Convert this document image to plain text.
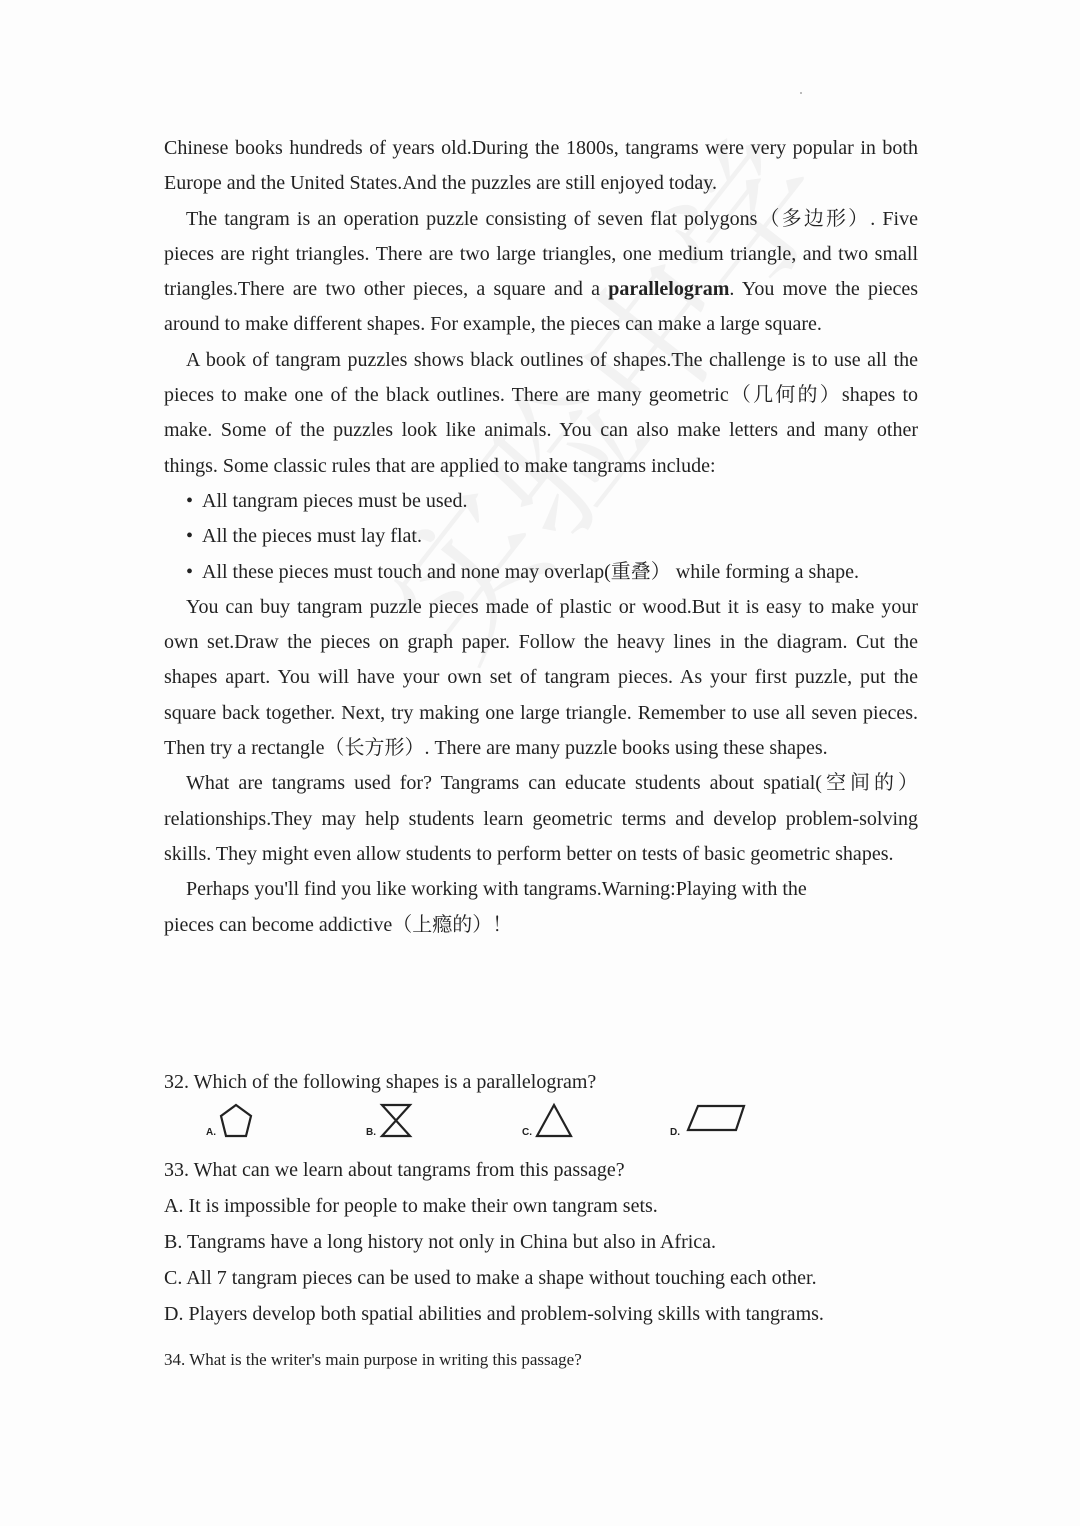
Chinese books hundreds of years old.During the 1800s, tangrams were very popular in both Europe and the United States.And the puzzles are still enjoyed today.

The tangram is an operation puzzle consisting of seven flat polygons（多边形）. Five pieces are right triangles. There are two large triangles, one medium triangle, and two small triangles.There are two other pieces, a square and a parallelogram. You move the pieces around to make different shapes. For example, the pieces can make a large square.

A book of tangram puzzles shows black outlines of shapes.The challenge is to use all the pieces to make one of the black outlines. There are many geometric（几何的）shapes to make. Some of the puzzles look like animals. You can also make letters and many other things. Some classic rules that are applied to make tangrams include:

• All tangram pieces must be used.

• All the pieces must lay flat.

• All these pieces must touch and none may overlap(重叠） while forming a shape.

You can buy tangram puzzle pieces made of plastic or wood.But it is easy to make your own set.Draw the pieces on graph paper. Follow the heavy lines in the diagram. Cut the shapes apart. You will have your own set of tangram pieces. As your first puzzle, put the square back together. Next, try making one large triangle. Remember to use all seven pieces. Then try a rectangle（长方形）. There are many puzzle books using these shapes.

What are tangrams used for? Tangrams can educate students about spatial(空间的） relationships.They may help students learn geometric terms and develop problem-solving skills. They might even allow students to perform better on tests of basic geometric shapes.

Perhaps you'll find you like working with tangrams.Warning:Playing with the

pieces can become addictive（上瘾的）！

32. Which of the following shapes is a parallelogram?
A.	B.	C.	D.
33. What can we learn about tangrams from this passage?
A. It is impossible for people to make their own tangram sets.
B. Tangrams have a long history not only in China but also in Africa.
C. All 7 tangram pieces can be used to make a shape without touching each other.
D. Players develop both spatial abilities and problem-solving skills with tangrams.
34. What is the writer's main purpose in writing this passage?
